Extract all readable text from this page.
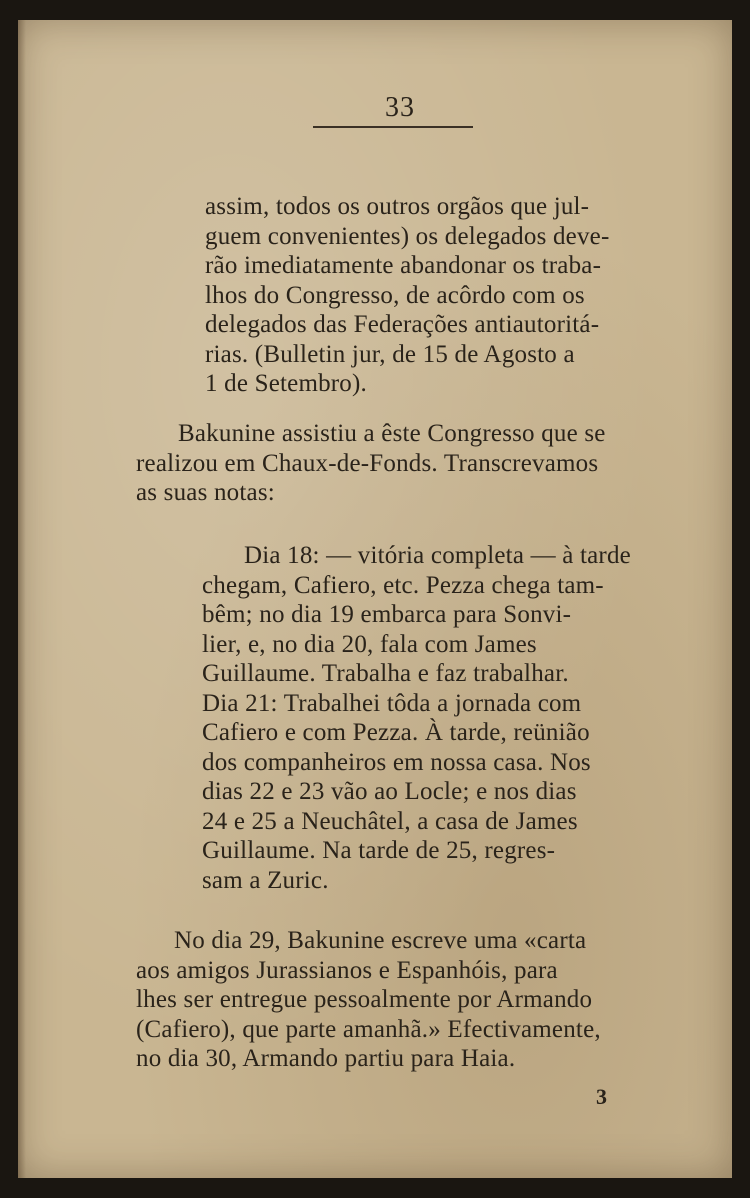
33
assim, todos os outros orgãos que jul-
guem convenientes) os delegados deve-
rão imediatamente abandonar os traba-
lhos do Congresso, de acôrdo com os
delegados das Federações antiautoritá-
rias. (Bulletin jur, de 15 de Agosto a
1 de Setembro).
Bakunine assistiu a êste Congresso que se
realizou em Chaux-de-Fonds. Transcrevamos
as suas notas:
Dia 18: — vitória completa — à tarde
chegam, Cafiero, etc. Pezza chega tam-
bêm; no dia 19 embarca para Sonvi-
lier, e, no dia 20, fala com James
Guillaume. Trabalha e faz trabalhar.
Dia 21: Trabalhei tôda a jornada com
Cafiero e com Pezza. À tarde, reünião
dos companheiros em nossa casa. Nos
dias 22 e 23 vão ao Locle; e nos dias
24 e 25 a Neuchâtel, a casa de James
Guillaume. Na tarde de 25, regres-
sam a Zuric.
No dia 29, Bakunine escreve uma «carta
aos amigos Jurassianos e Espanhóis, para
lhes ser entregue pessoalmente por Armando
(Cafiero), que parte amanhã.» Efectivamente,
no dia 30, Armando partiu para Haia.
3
